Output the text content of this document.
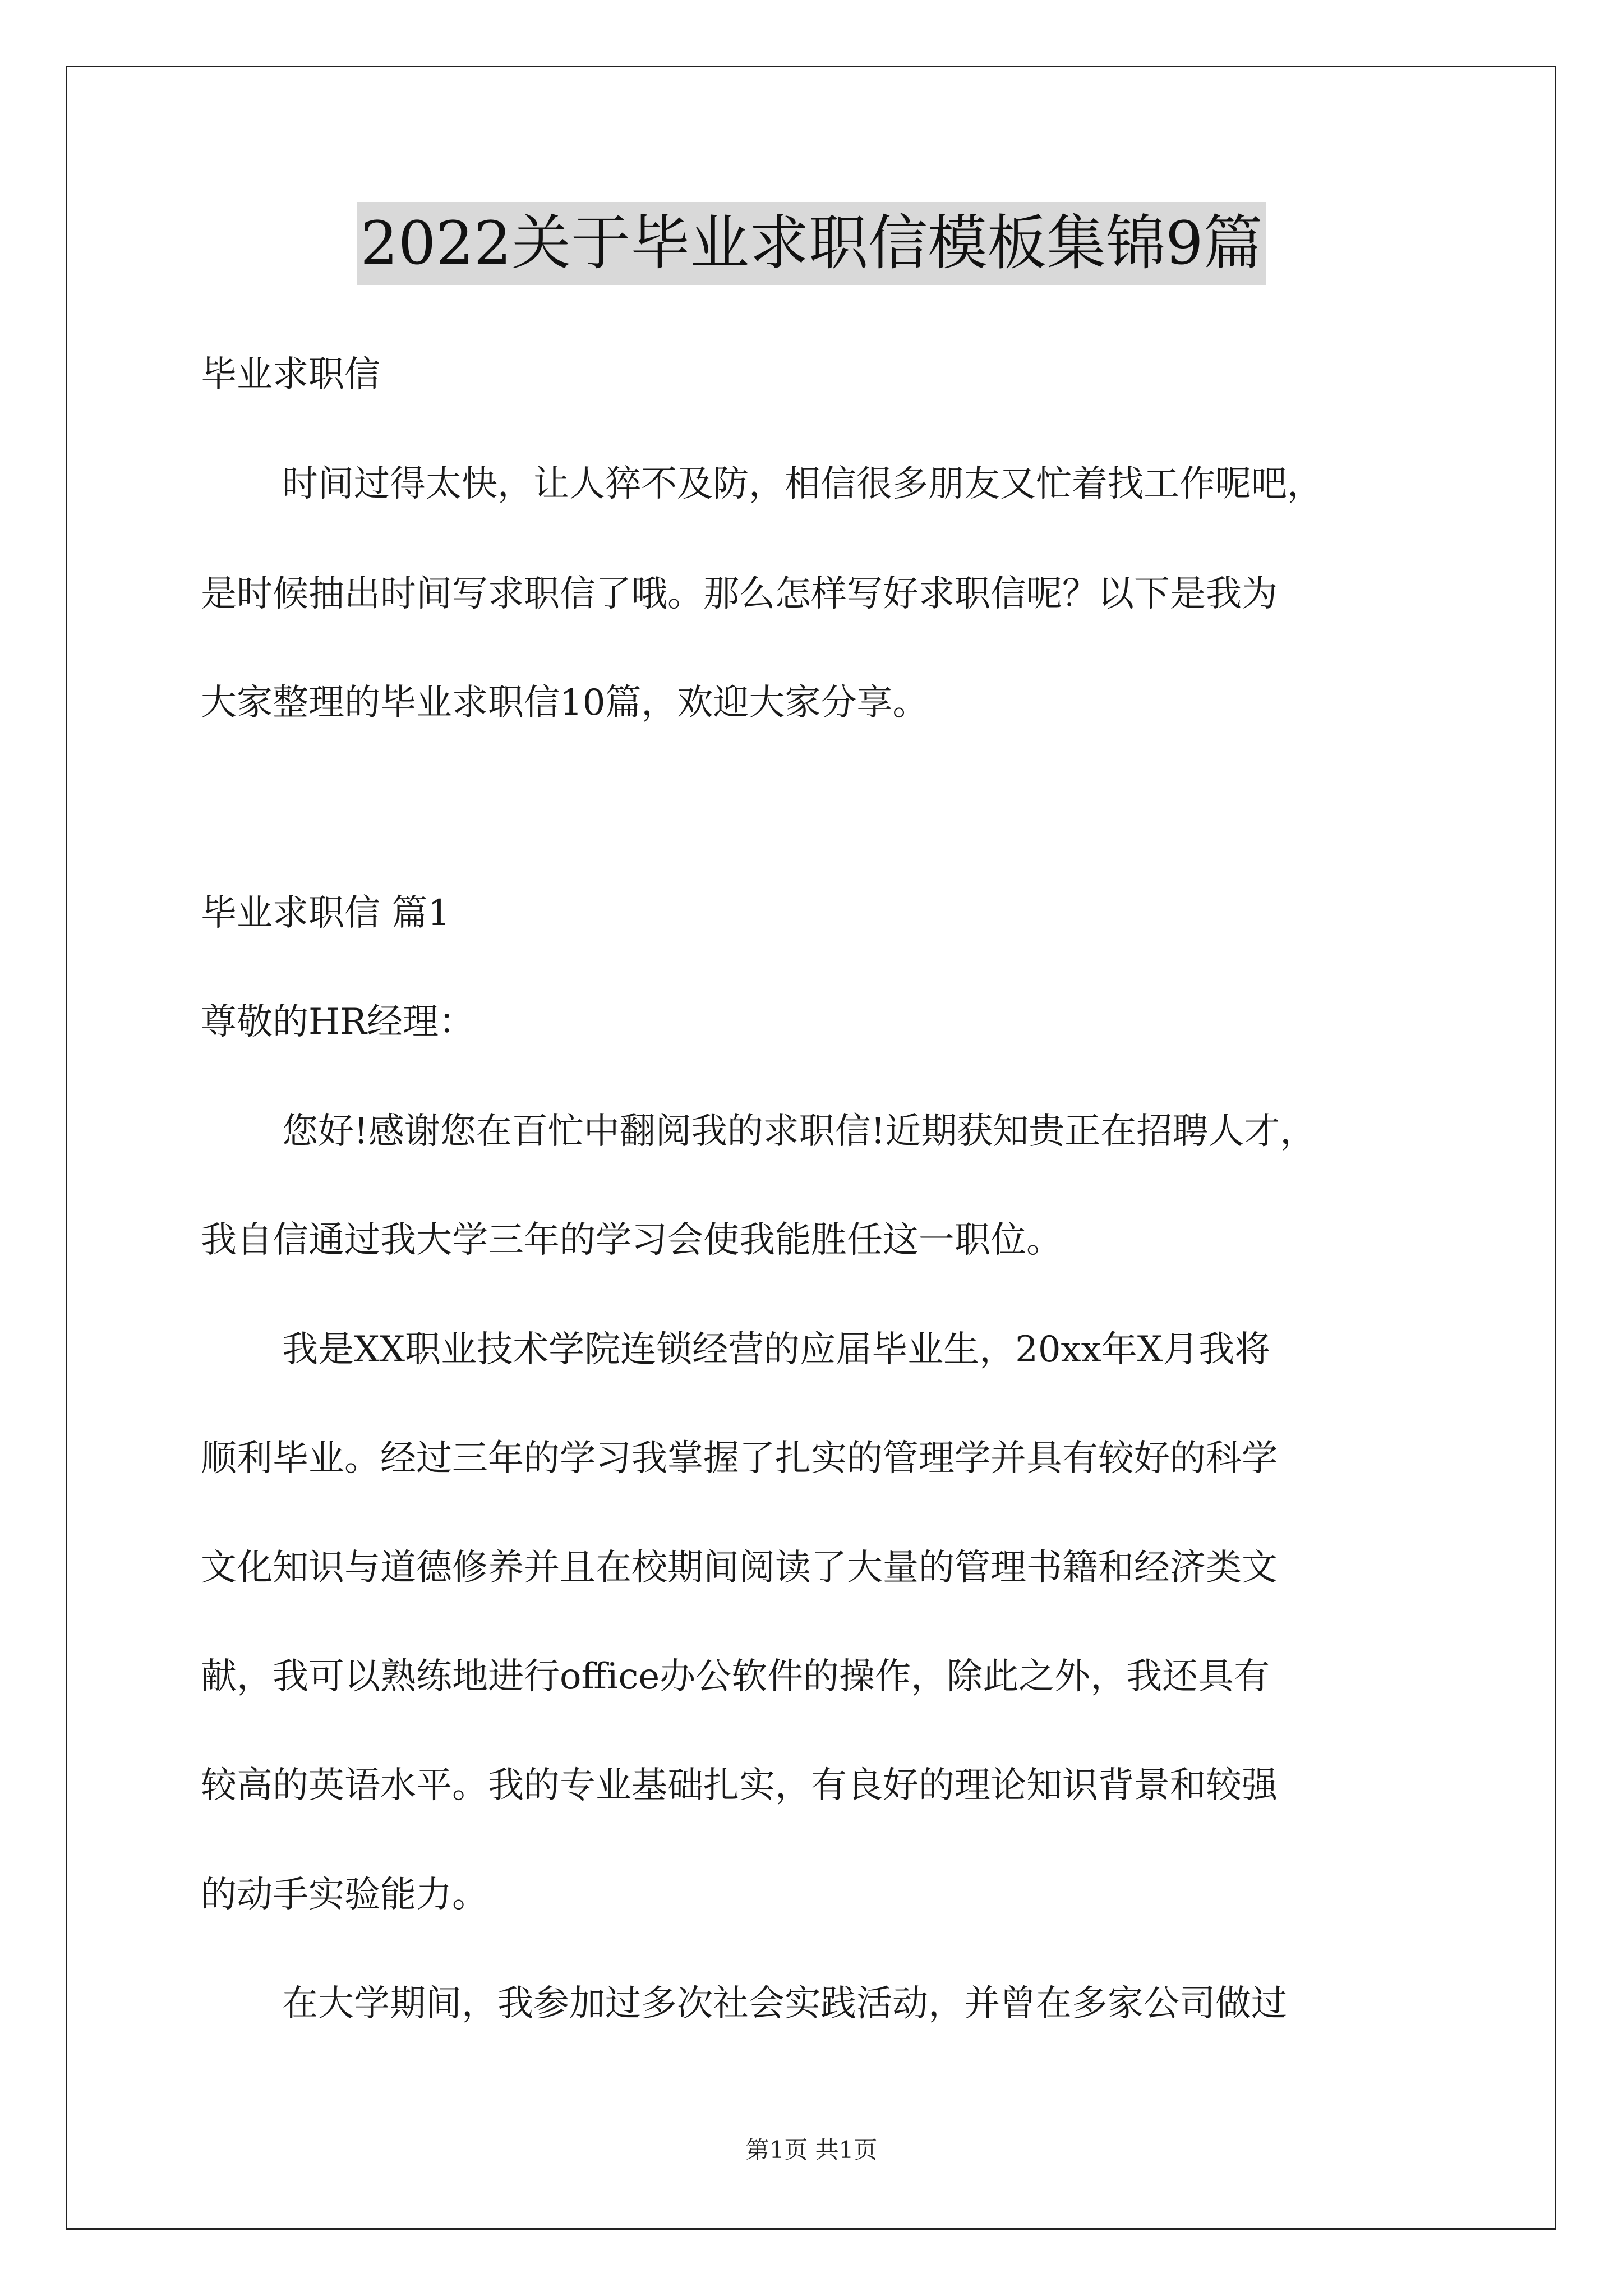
2022关于毕业求职信模板集锦9篇
毕业求职信
时间过得太快，让人猝不及防，相信很多朋友又忙着找工作呢吧，
是时候抽出时间写求职信了哦。那么怎样写好求职信呢？以下是我为
大家整理的毕业求职信10篇，欢迎大家分享。
毕业求职信 篇1
尊敬的HR经理：
您好!感谢您在百忙中翻阅我的求职信!近期获知贵正在招聘人才，
我自信通过我大学三年的学习会使我能胜任这一职位。
我是XX职业技术学院连锁经营的应届毕业生，20xx年X月我将
顺利毕业。经过三年的学习我掌握了扎实的管理学并具有较好的科学
文化知识与道德修养并且在校期间阅读了大量的管理书籍和经济类文
献，我可以熟练地进行office办公软件的操作，除此之外，我还具有
较高的英语水平。我的专业基础扎实，有良好的理论知识背景和较强
的动手实验能力。
在大学期间，我参加过多次社会实践活动，并曾在多家公司做过
第1页 共1页
